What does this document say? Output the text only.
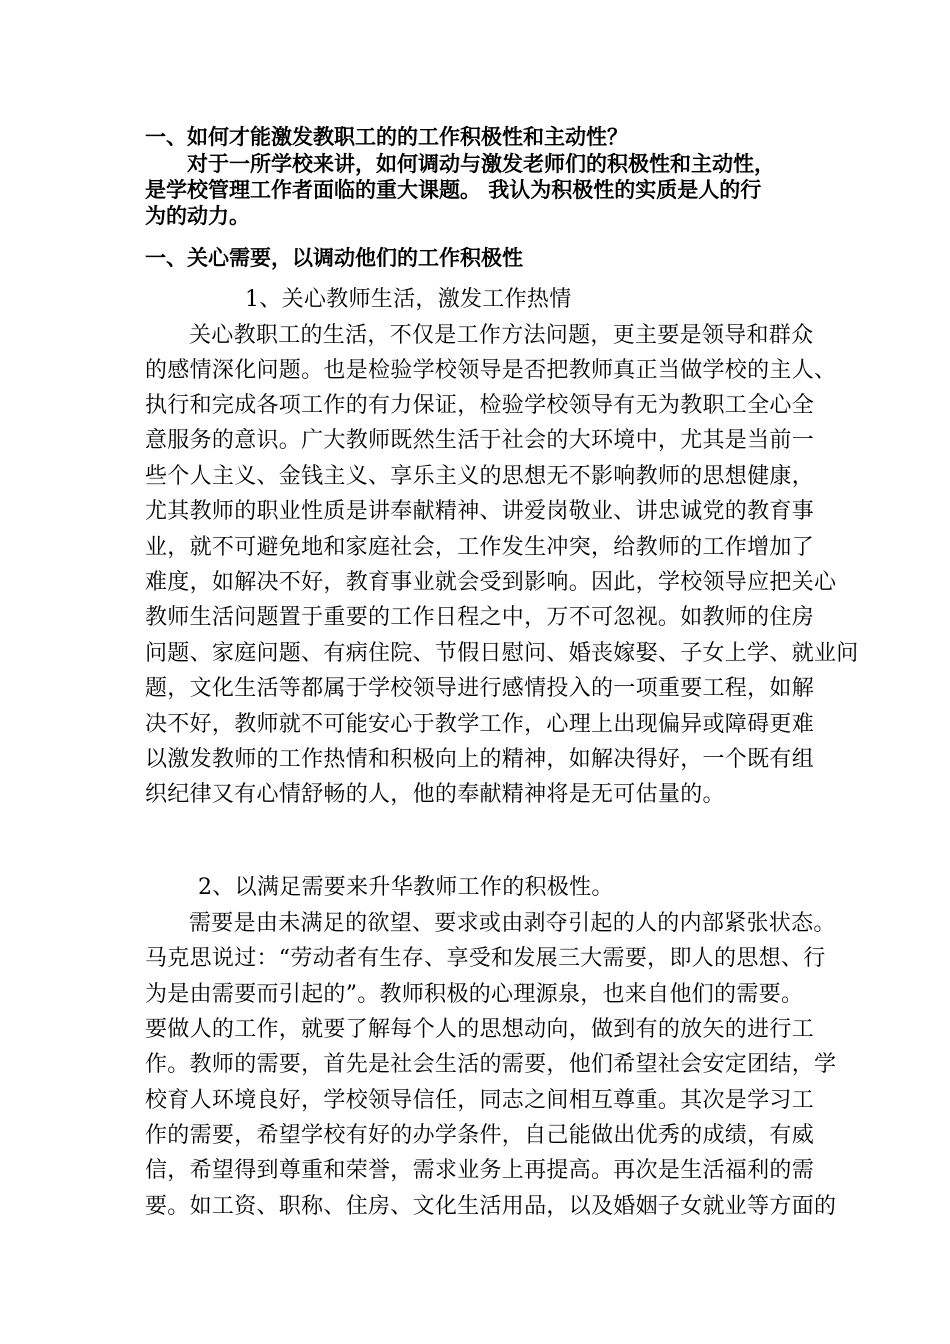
一、如何才能激发教职工的的工作积极性和主动性？
　　对于一所学校来讲，如何调动与激发老师们的积极性和主动性，
是学校管理工作者面临的重大课题。 我认为积极性的实质是人的行
为的动力。
一、关心需要，以调动他们的工作积极性
1、关心教师生活，激发工作热情
关心教职工的生活，不仅是工作方法问题，更主要是领导和群众
的感情深化问题。也是检验学校领导是否把教师真正当做学校的主人、
执行和完成各项工作的有力保证，检验学校领导有无为教职工全心全
意服务的意识。广大教师既然生活于社会的大环境中，尤其是当前一
些个人主义、金钱主义、享乐主义的思想无不影响教师的思想健康，
尤其教师的职业性质是讲奉献精神、讲爱岗敬业、讲忠诚党的教育事
业，就不可避免地和家庭社会，工作发生冲突，给教师的工作增加了
难度，如解决不好，教育事业就会受到影响。因此，学校领导应把关心
教师生活问题置于重要的工作日程之中，万不可忽视。如教师的住房
问题、家庭问题、有病住院、节假日慰问、婚丧嫁娶、子女上学、就业问
题，文化生活等都属于学校领导进行感情投入的一项重要工程，如解
决不好，教师就不可能安心于教学工作，心理上出现偏异或障碍更难
以激发教师的工作热情和积极向上的精神，如解决得好，一个既有组
织纪律又有心情舒畅的人，他的奉献精神将是无可估量的。
2、以满足需要来升华教师工作的积极性。
需要是由未满足的欲望、要求或由剥夺引起的人的内部紧张状态。
马克思说过：“劳动者有生存、享受和发展三大需要，即人的思想、行
为是由需要而引起的”。教师积极的心理源泉，也来自他们的需要。
要做人的工作，就要了解每个人的思想动向，做到有的放矢的进行工
作。教师的需要，首先是社会生活的需要，他们希望社会安定团结，学
校育人环境良好，学校领导信任，同志之间相互尊重。其次是学习工
作的需要，希望学校有好的办学条件，自己能做出优秀的成绩，有威
信，希望得到尊重和荣誉，需求业务上再提高。再次是生活福利的需
要。如工资、职称、住房、文化生活用品，以及婚姻子女就业等方面的
